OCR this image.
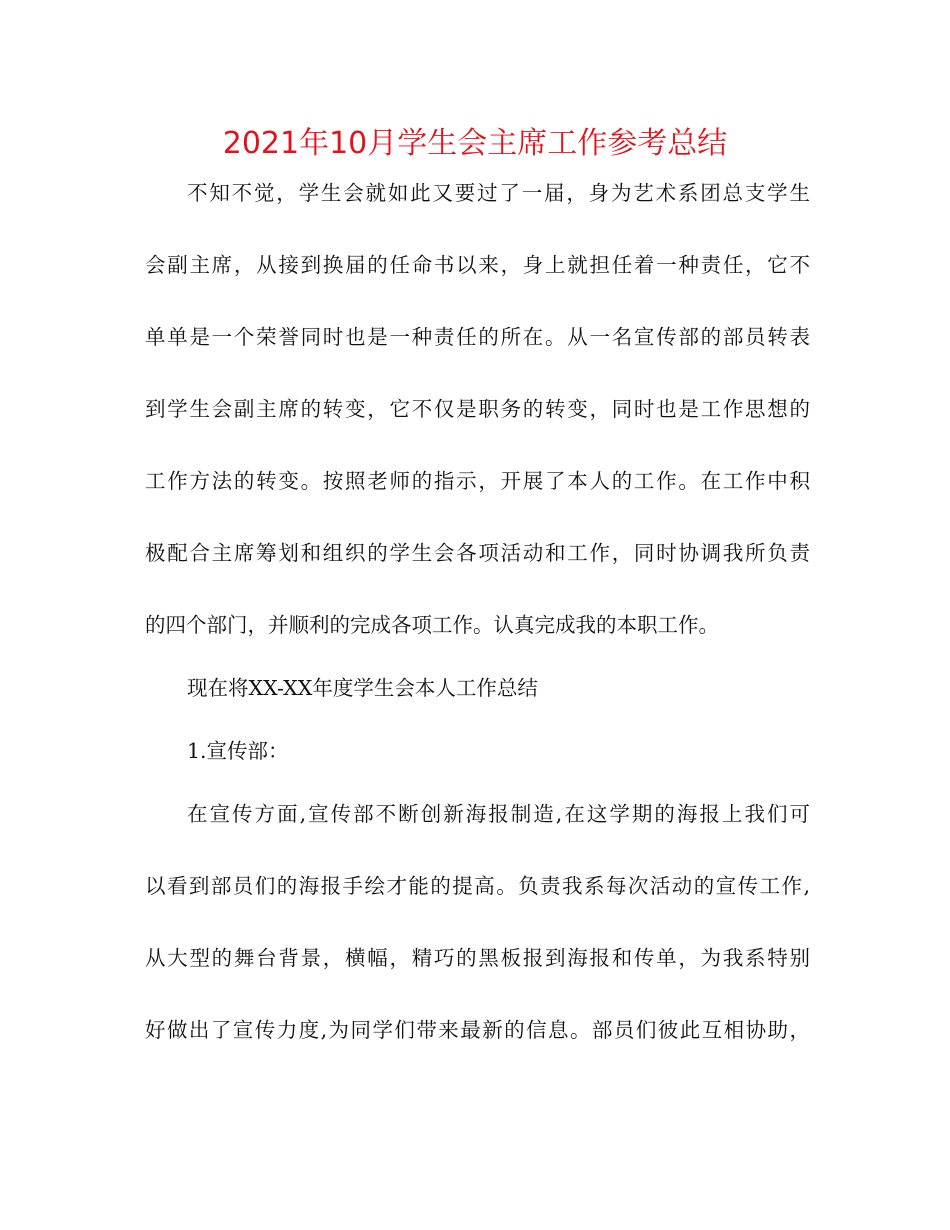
2021年10月学生会主席工作参考总结

不知不觉，学生会就如此又要过了一届，身为艺术系团总支学生

会副主席，从接到换届的任命书以来，身上就担任着一种责任，它不

单单是一个荣誉同时也是一种责任的所在。从一名宣传部的部员转表

到学生会副主席的转变，它不仅是职务的转变，同时也是工作思想的

工作方法的转变。按照老师的指示，开展了本人的工作。在工作中积

极配合主席筹划和组织的学生会各项活动和工作，同时协调我所负责

的四个部门，并顺利的完成各项工作。认真完成我的本职工作。

现在将XX-XX年度学生会本人工作总结

1.宣传部：

在宣传方面,宣传部不断创新海报制造,在这学期的海报上我们可

以看到部员们的海报手绘才能的提高。负责我系每次活动的宣传工作,

从大型的舞台背景，横幅，精巧的黑板报到海报和传单，为我系特别

好做出了宣传力度,为同学们带来最新的信息。部员们彼此互相协助，
